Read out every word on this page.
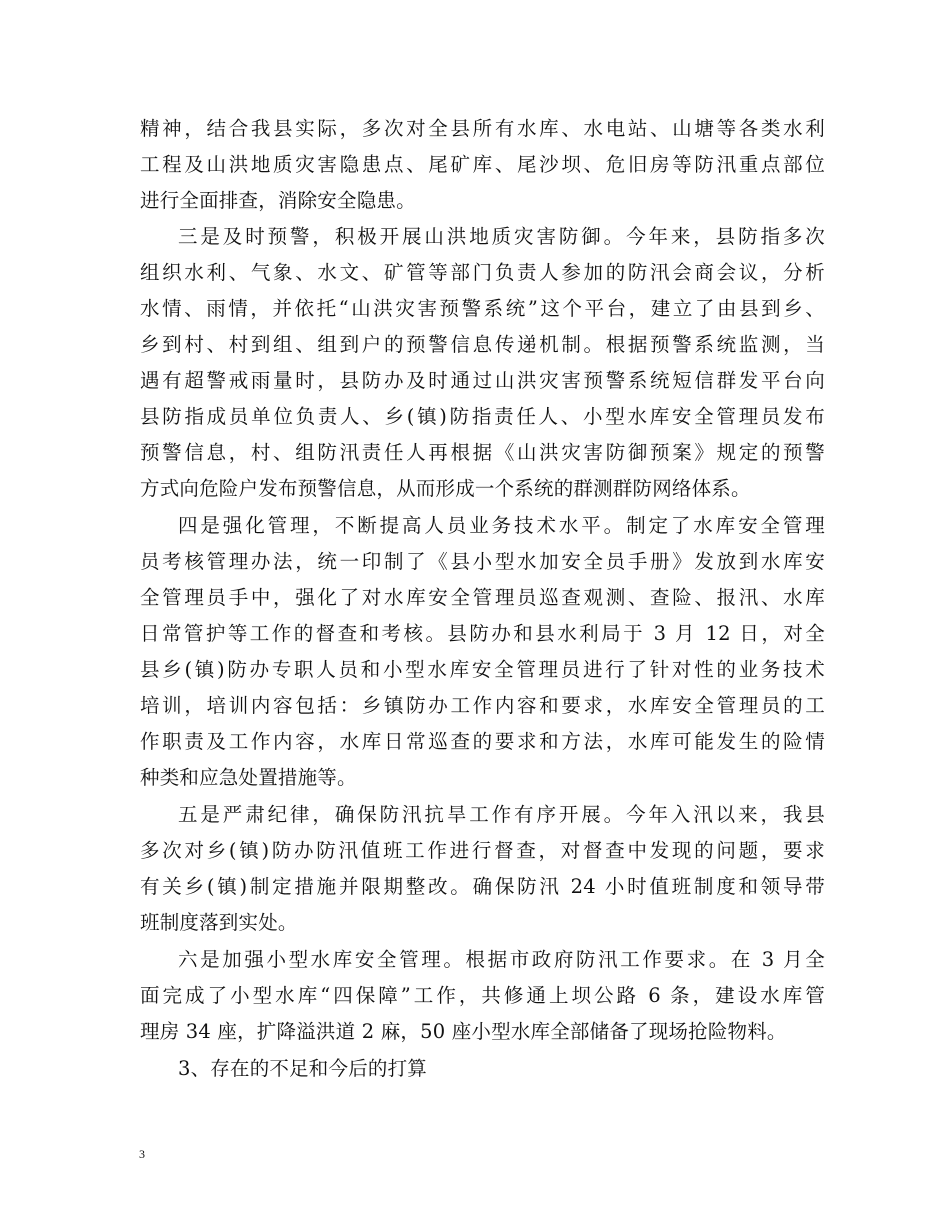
精神，结合我县实际，多次对全县所有水库、水电站、山塘等各类水利
工程及山洪地质灾害隐患点、尾矿库、尾沙坝、危旧房等防汛重点部位
进行全面排查，消除安全隐患。
三是及时预警，积极开展山洪地质灾害防御。今年来，县防指多次
组织水利、气象、水文、矿管等部门负责人参加的防汛会商会议，分析
水情、雨情，并依托“山洪灾害预警系统”这个平台，建立了由县到乡、
乡到村、村到组、组到户的预警信息传递机制。根据预警系统监测，当
遇有超警戒雨量时，县防办及时通过山洪灾害预警系统短信群发平台向
县防指成员单位负责人、乡(镇)防指责任人、小型水库安全管理员发布
预警信息，村、组防汛责任人再根据《山洪灾害防御预案》规定的预警
方式向危险户发布预警信息，从而形成一个系统的群测群防网络体系。
四是强化管理，不断提高人员业务技术水平。制定了水库安全管理
员考核管理办法，统一印制了《县小型水加安全员手册》发放到水库安
全管理员手中，强化了对水库安全管理员巡查观测、查险、报汛、水库
日常管护等工作的督查和考核。县防办和县水利局于 3 月 12 日，对全
县乡(镇)防办专职人员和小型水库安全管理员进行了针对性的业务技术
培训，培训内容包括：乡镇防办工作内容和要求，水库安全管理员的工
作职责及工作内容，水库日常巡查的要求和方法，水库可能发生的险情
种类和应急处置措施等。
五是严肃纪律，确保防汛抗旱工作有序开展。今年入汛以来，我县
多次对乡(镇)防办防汛值班工作进行督查，对督查中发现的问题，要求
有关乡(镇)制定措施并限期整改。确保防汛 24 小时值班制度和领导带
班制度落到实处。
六是加强小型水库安全管理。根据市政府防汛工作要求。在 3 月全
面完成了小型水库“四保障”工作，共修通上坝公路 6 条，建设水库管
理房 34 座，扩降溢洪道 2 麻，50 座小型水库全部储备了现场抢险物料。
3、存在的不足和今后的打算
3
